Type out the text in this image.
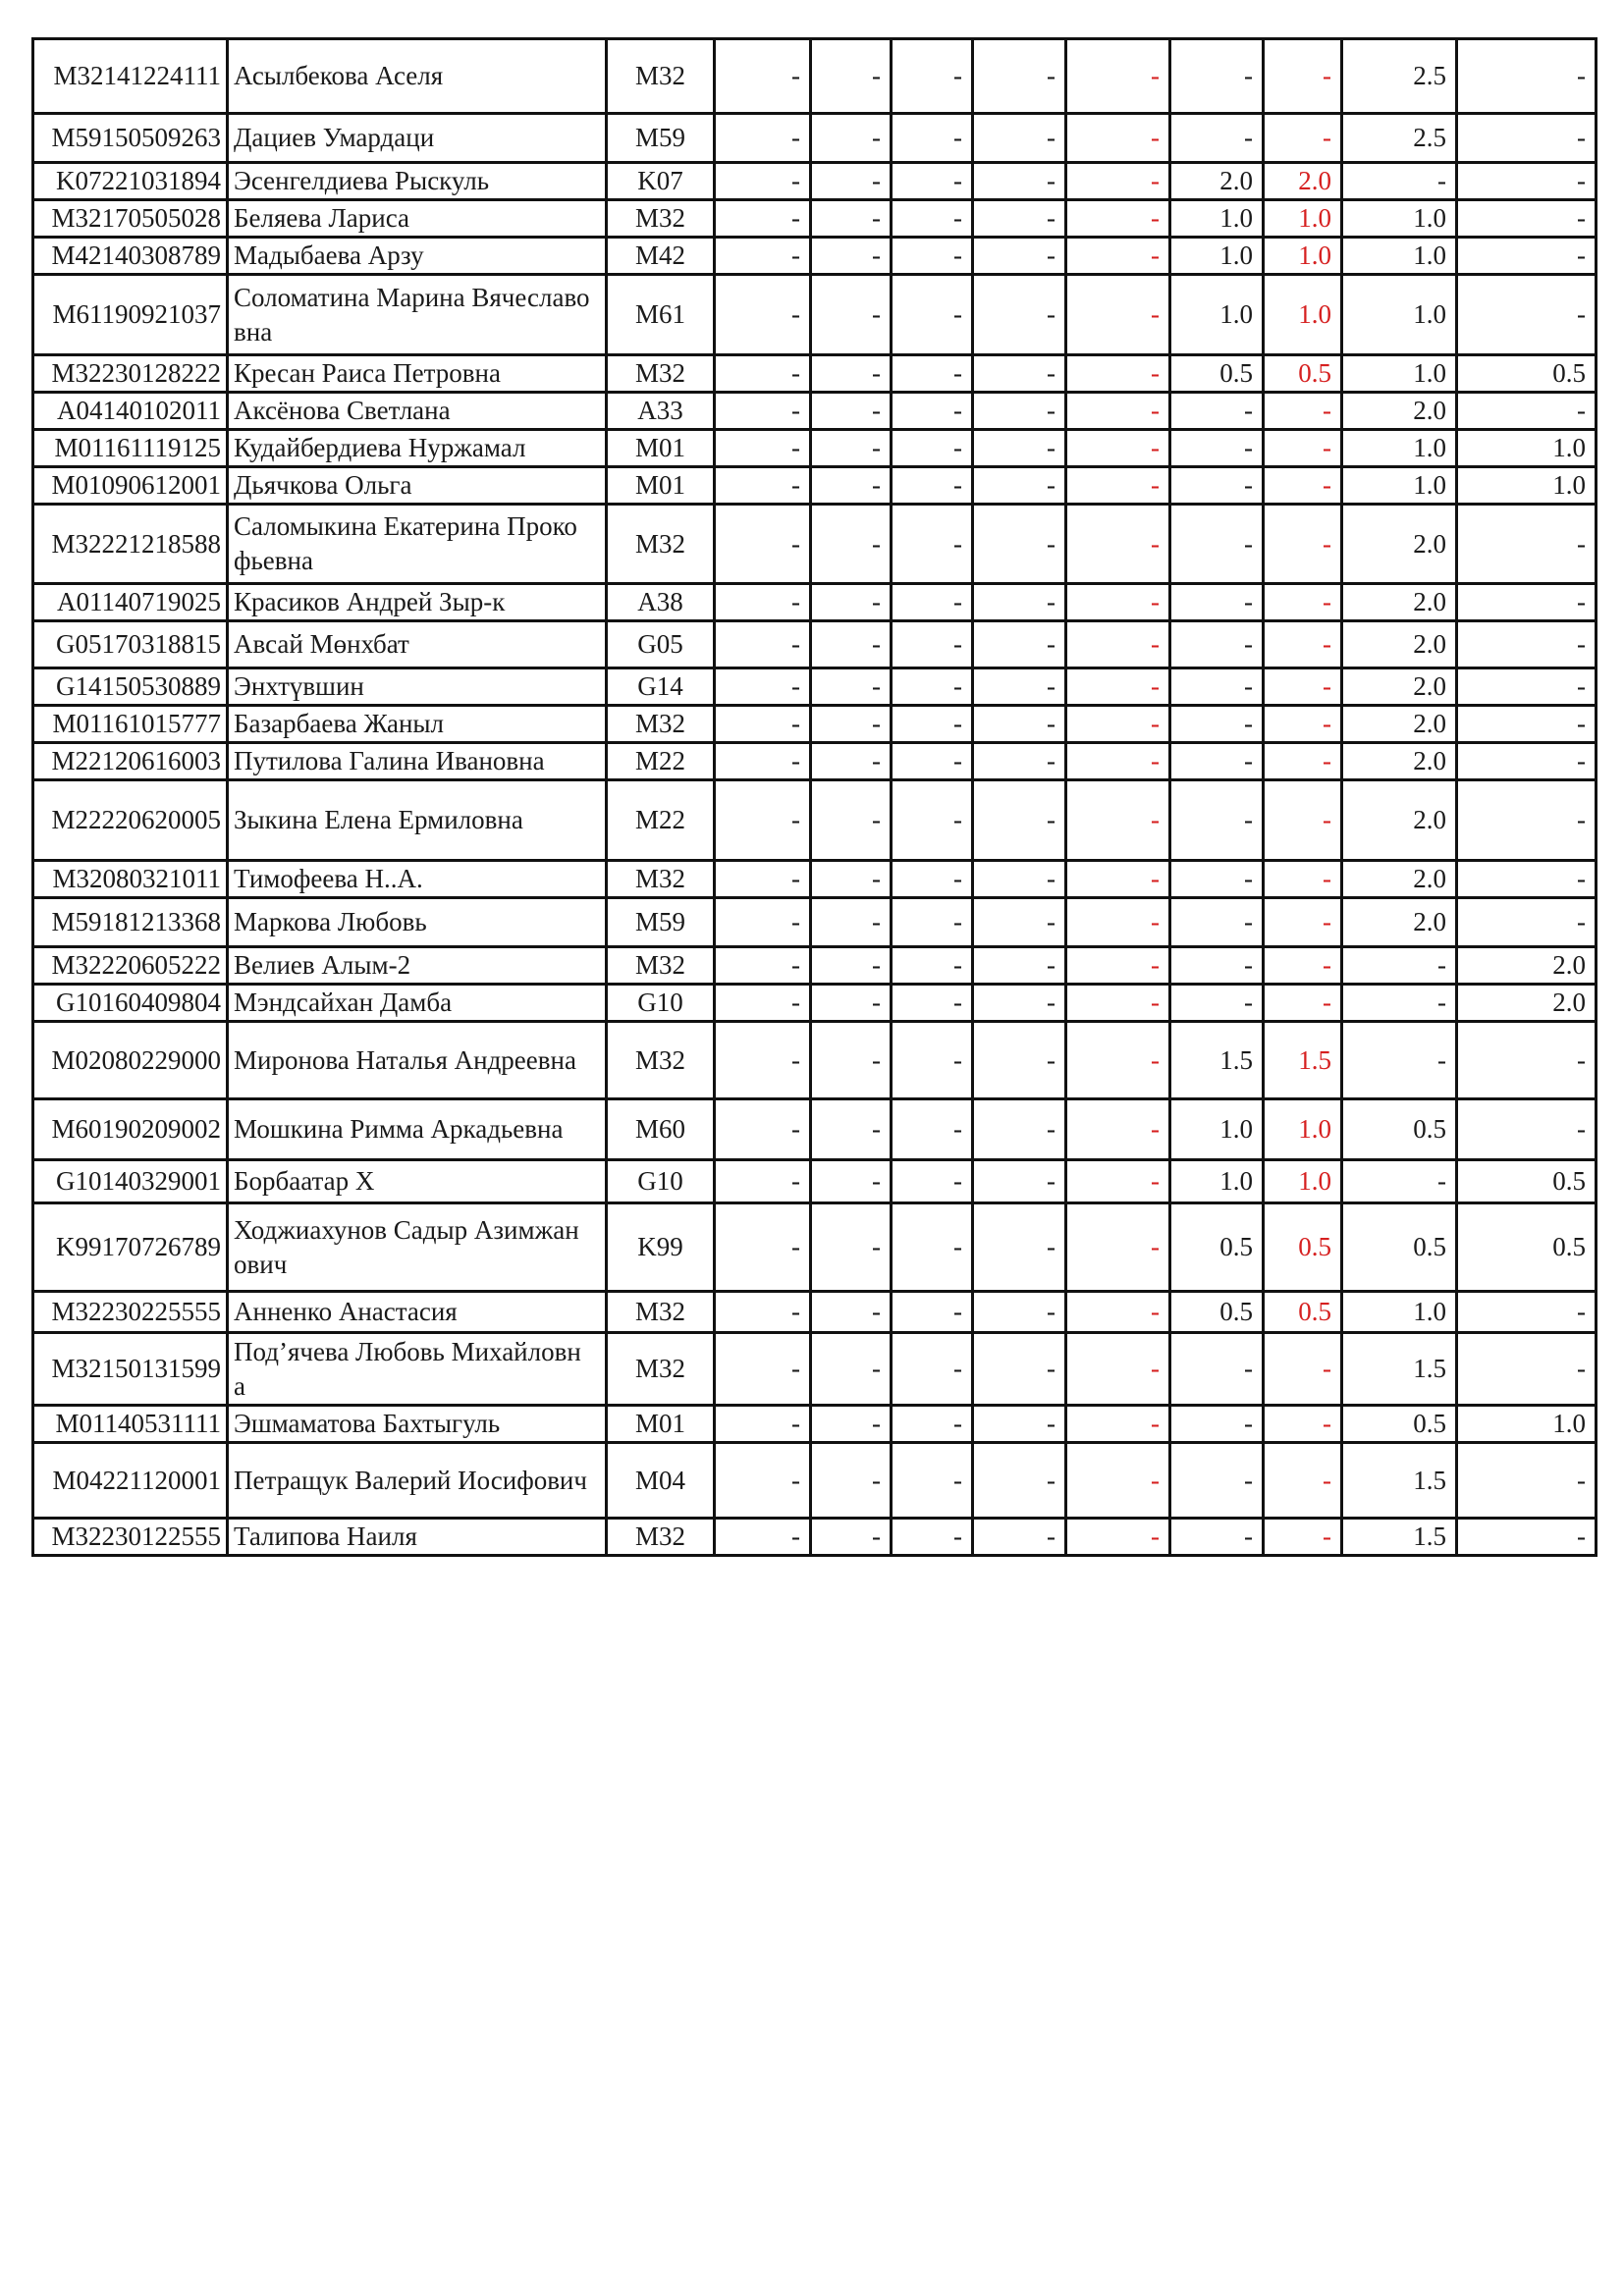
M32141224111	Асылбекова Аселя	M32	-	-	-	-	-	-	-	2.5	-
M59150509263	Дациев Умардаци	M59	-	-	-	-	-	-	-	2.5	-
K07221031894	Эсенгелдиева Рыскуль	K07	-	-	-	-	-	2.0	2.0	-	-
M32170505028	Беляева Лариса	M32	-	-	-	-	-	1.0	1.0	1.0	-
M42140308789	Мадыбаева Арзу	M42	-	-	-	-	-	1.0	1.0	1.0	-
M61190921037	Соломатина Марина Вячеславо вна	M61	-	-	-	-	-	1.0	1.0	1.0	-
M32230128222	Кресан Раиса Петровна	M32	-	-	-	-	-	0.5	0.5	1.0	0.5
A04140102011	Аксёнова Светлана	A33	-	-	-	-	-	-	-	2.0	-
M01161119125	Кудайбердиева Нуржамал	M01	-	-	-	-	-	-	-	1.0	1.0
M01090612001	Дьячкова Ольга	M01	-	-	-	-	-	-	-	1.0	1.0
M32221218588	Саломыкина Екатерина Проко фьевна	M32	-	-	-	-	-	-	-	2.0	-
A01140719025	Красиков Андрей Зыр-к	A38	-	-	-	-	-	-	-	2.0	-
G05170318815	Авсай Мөнхбат	G05	-	-	-	-	-	-	-	2.0	-
G14150530889	Энхтүвшин	G14	-	-	-	-	-	-	-	2.0	-
M01161015777	Базарбаева Жаныл	M32	-	-	-	-	-	-	-	2.0	-
M22120616003	Путилова Галина Ивановна	M22	-	-	-	-	-	-	-	2.0	-
M22220620005	Зыкина Елена Ермиловна	M22	-	-	-	-	-	-	-	2.0	-
M32080321011	Тимофеева Н..А.	M32	-	-	-	-	-	-	-	2.0	-
M59181213368	Маркова Любовь	M59	-	-	-	-	-	-	-	2.0	-
M32220605222	Велиев Алым-2	M32	-	-	-	-	-	-	-	-	2.0
G10160409804	Мэндсайхан Дамба	G10	-	-	-	-	-	-	-	-	2.0
M02080229000	Миронова Наталья Андреевна	M32	-	-	-	-	-	1.5	1.5	-	-
M60190209002	Мошкина Римма Аркадьевна	M60	-	-	-	-	-	1.0	1.0	0.5	-
G10140329001	Борбаатар Х	G10	-	-	-	-	-	1.0	1.0	-	0.5
K99170726789	Ходжиахунов Садыр Азимжан ович	K99	-	-	-	-	-	0.5	0.5	0.5	0.5
M32230225555	Анненко Анастасия	M32	-	-	-	-	-	0.5	0.5	1.0	-
M32150131599	Под’ячева Любовь Михайловн а	M32	-	-	-	-	-	-	-	1.5	-
M01140531111	Эшмаматова Бахтыгуль	M01	-	-	-	-	-	-	-	0.5	1.0
M04221120001	Петращук Валерий Иосифович	M04	-	-	-	-	-	-	-	1.5	-
M32230122555	Талипова Наиля	M32	-	-	-	-	-	-	-	1.5	-
